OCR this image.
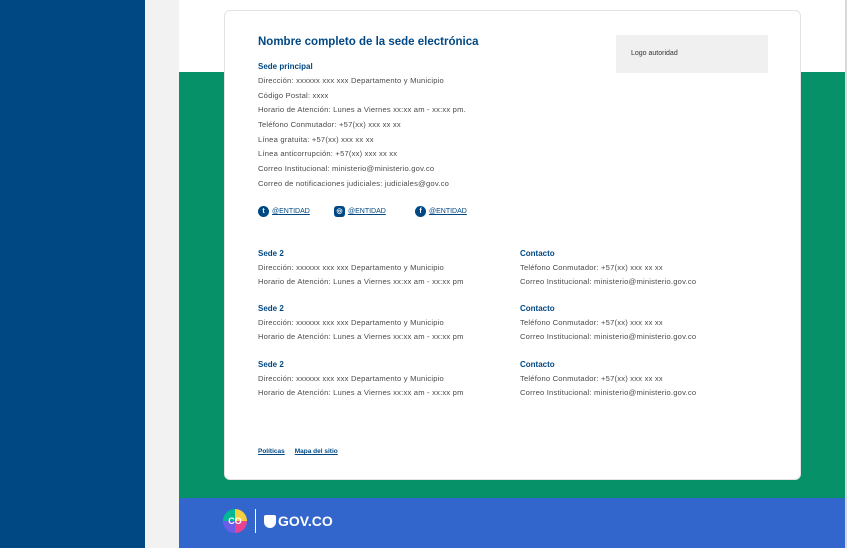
Nombre completo de la sede electrónica
Logo autoridad
Sede principal
Dirección: xxxxxx xxx xxx Departamento y Municipio
Código Postal: xxxx
Horario de Atención: Lunes a Viernes xx:xx am - xx:xx pm.
Teléfono Conmutador: +57(xx) xxx xx xx
Línea gratuita: +57(xx) xxx xx xx
Línea anticorrupción: +57(xx) xxx xx xx
Correo Institucional: ministerio@ministerio.gov.co
Correo de notificaciones judiciales: judiciales@gov.co
t	@ENTIDAD	◎ @ENTIDAD	f	@ENTIDAD
Sede 2
Dirección: xxxxxx xxx xxx Departamento y Municipio
Horario de Atención: Lunes a Viernes xx:xx am - xx:xx pm
Contacto
Teléfono Conmutador: +57(xx) xxx xx xx
Correo Institucional: ministerio@ministerio.gov.co
Sede 2
Dirección: xxxxxx xxx xxx Departamento y Municipio
Horario de Atención: Lunes a Viernes xx:xx am - xx:xx pm
Contacto
Teléfono Conmutador: +57(xx) xxx xx xx
Correo Institucional: ministerio@ministerio.gov.co
Sede 2
Dirección: xxxxxx xxx xxx Departamento y Municipio
Horario de Atención: Lunes a Viernes xx:xx am - xx:xx pm
Contacto
Teléfono Conmutador: +57(xx) xxx xx xx
Correo Institucional: ministerio@ministerio.gov.co
Políticas Mapa del sitio
CO	GOV.CO
